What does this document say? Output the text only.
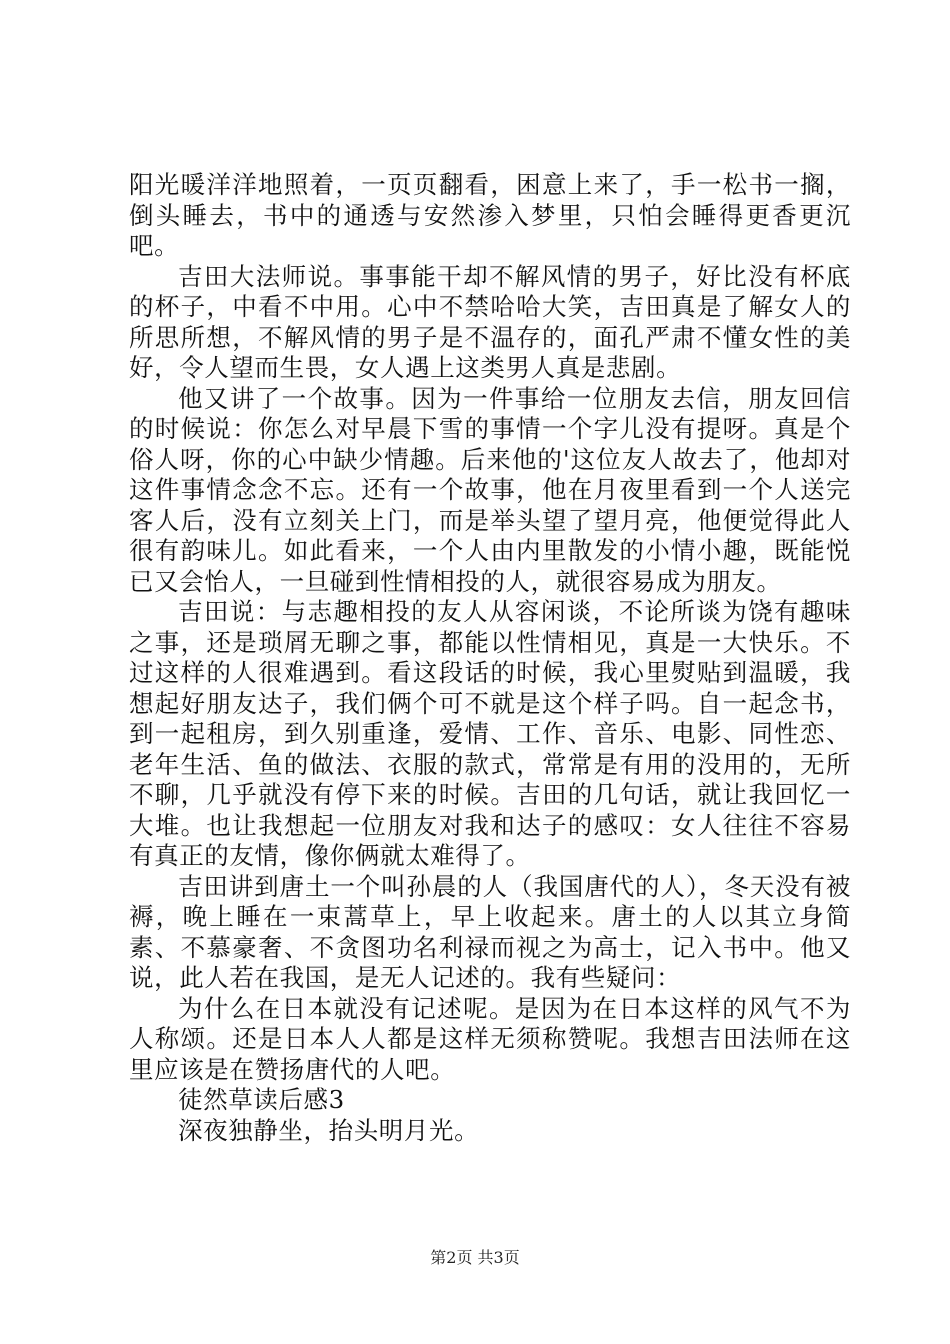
阳光暖洋洋地照着，一页页翻看，困意上来了，手一松书一搁，倒头睡去，书中的通透与安然渗入梦里，只怕会睡得更香更沉吧。

吉田大法师说。事事能干却不解风情的男子，好比没有杯底的杯子，中看不中用。心中不禁哈哈大笑，吉田真是了解女人的所思所想，不解风情的男子是不温存的，面孔严肃不懂女性的美好，令人望而生畏，女人遇上这类男人真是悲剧。

他又讲了一个故事。因为一件事给一位朋友去信，朋友回信的时候说：你怎么对早晨下雪的事情一个字儿没有提呀。真是个俗人呀，你的心中缺少情趣。后来他的'这位友人故去了，他却对这件事情念念不忘。还有一个故事，他在月夜里看到一个人送完客人后，没有立刻关上门，而是举头望了望月亮，他便觉得此人很有韵味儿。如此看来，一个人由内里散发的小情小趣，既能悦已又会怡人，一旦碰到性情相投的人，就很容易成为朋友。

吉田说：与志趣相投的友人从容闲谈，不论所谈为饶有趣味之事，还是琐屑无聊之事，都能以性情相见，真是一大快乐。不过这样的人很难遇到。看这段话的时候，我心里熨贴到温暖，我想起好朋友达子，我们俩个可不就是这个样子吗。自一起念书，到一起租房，到久别重逢，爱情、工作、音乐、电影、同性恋、老年生活、鱼的做法、衣服的款式，常常是有用的没用的，无所不聊，几乎就没有停下来的时候。吉田的几句话，就让我回忆一大堆。也让我想起一位朋友对我和达子的感叹：女人往往不容易有真正的友情，像你俩就太难得了。

吉田讲到唐土一个叫孙晨的人（我国唐代的人），冬天没有被褥，晚上睡在一束蒿草上，早上收起来。唐土的人以其立身简素、不慕豪奢、不贪图功名利禄而视之为高士，记入书中。他又说，此人若在我国，是无人记述的。我有些疑问：

为什么在日本就没有记述呢。是因为在日本这样的风气不为人称颂。还是日本人人都是这样无须称赞呢。我想吉田法师在这里应该是在赞扬唐代的人吧。

徒然草读后感3

深夜独静坐，抬头明月光。

第2页 共3页
